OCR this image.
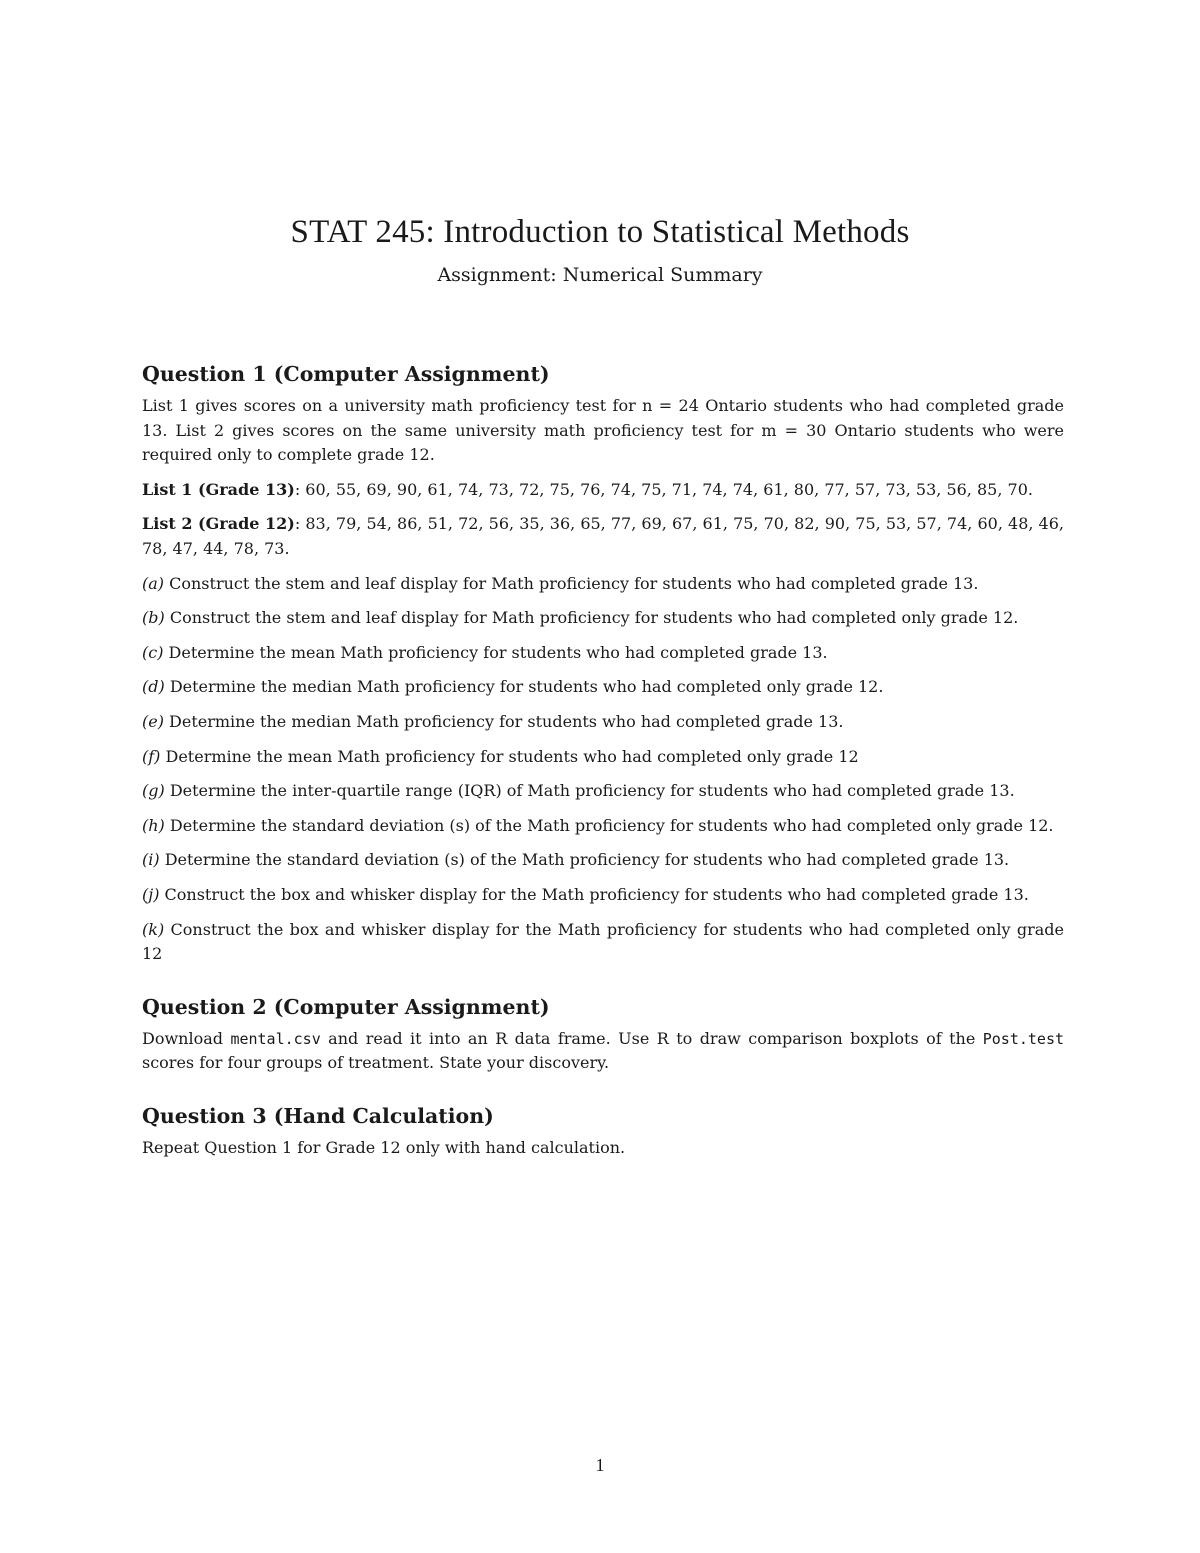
STAT 245: Introduction to Statistical Methods
Assignment: Numerical Summary
Question 1 (Computer Assignment)

List 1 gives scores on a university math proficiency test for n = 24 Ontario students who had completed grade 13. List 2 gives scores on the same university math proficiency test for m = 30 Ontario students who were required only to complete grade 12.

List 1 (Grade 13): 60, 55, 69, 90, 61, 74, 73, 72, 75, 76, 74, 75, 71, 74, 74, 61, 80, 77, 57, 73, 53, 56, 85, 70.

List 2 (Grade 12): 83, 79, 54, 86, 51, 72, 56, 35, 36, 65, 77, 69, 67, 61, 75, 70, 82, 90, 75, 53, 57, 74, 60, 48, 46, 78, 47, 44, 78, 73.

(a) Construct the stem and leaf display for Math proficiency for students who had completed grade 13.

(b) Construct the stem and leaf display for Math proficiency for students who had completed only grade 12.

(c) Determine the mean Math proficiency for students who had completed grade 13.

(d) Determine the median Math proficiency for students who had completed only grade 12.

(e) Determine the median Math proficiency for students who had completed grade 13.

(f) Determine the mean Math proficiency for students who had completed only grade 12

(g) Determine the inter-quartile range (IQR) of Math proficiency for students who had completed grade 13.

(h) Determine the standard deviation (s) of the Math proficiency for students who had completed only grade 12.

(i) Determine the standard deviation (s) of the Math proficiency for students who had completed grade 13.

(j) Construct the box and whisker display for the Math proficiency for students who had completed grade 13.

(k) Construct the box and whisker display for the Math proficiency for students who had completed only grade 12

Question 2 (Computer Assignment)

Download mental.csv and read it into an R data frame. Use R to draw comparison boxplots of the Post.test scores for four groups of treatment. State your discovery.

Question 3 (Hand Calculation)

Repeat Question 1 for Grade 12 only with hand calculation.

1
